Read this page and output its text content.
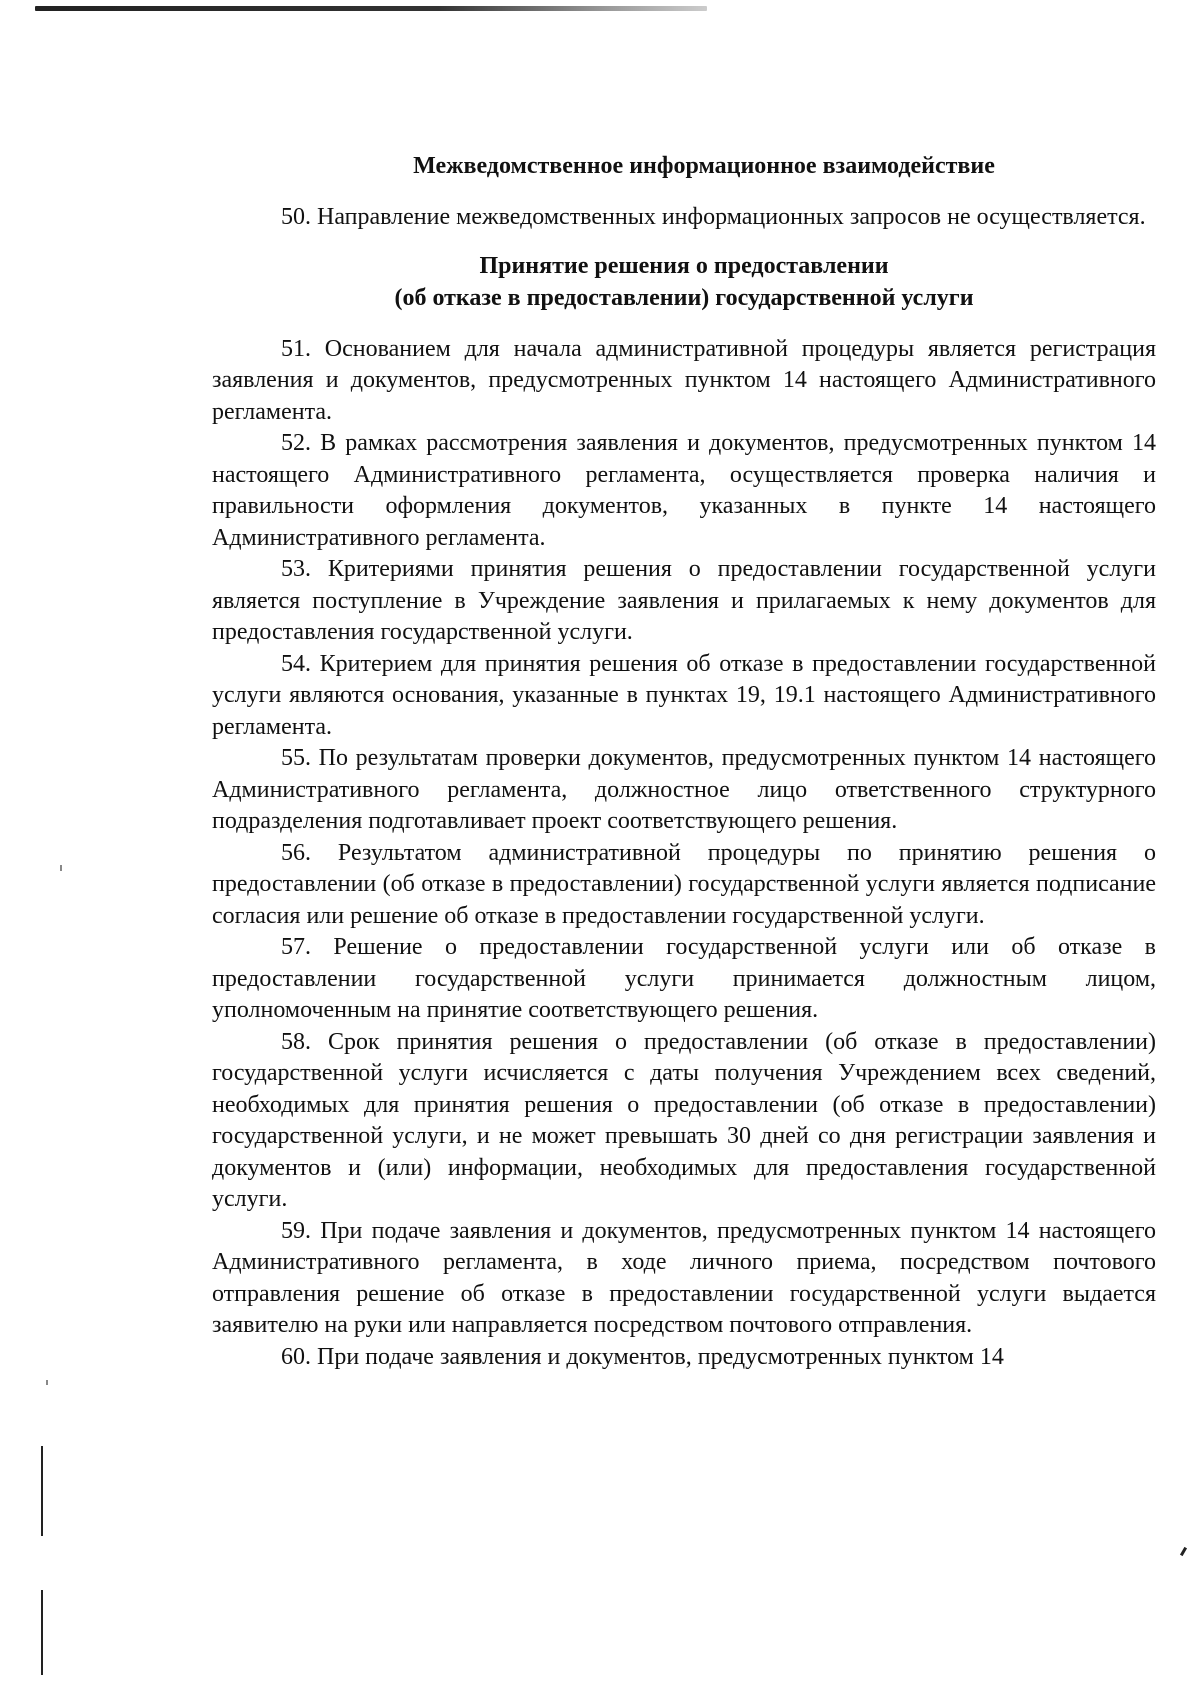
Межведомственное информационное взаимодействие

50. Направление межведомственных информационных запросов не осуществляется.

Принятие решения о предоставлении
(об отказе в предоставлении) государственной услуги

51. Основанием для начала административной процедуры является регистрация заявления и документов, предусмотренных пунктом 14 настоящего Административного регламента.

52. В рамках рассмотрения заявления и документов, предусмотренных пунктом 14 настоящего Административного регламента, осуществляется проверка наличия и правильности оформления документов, указанных в пункте 14 настоящего Административного регламента.

53. Критериями принятия решения о предоставлении государственной услуги является поступление в Учреждение заявления и прилагаемых к нему документов для предоставления государственной услуги.

54. Критерием для принятия решения об отказе в предоставлении государственной услуги являются основания, указанные в пунктах 19, 19.1 настоящего Административного регламента.

55. По результатам проверки документов, предусмотренных пунктом 14 настоящего Административного регламента, должностное лицо ответственного структурного подразделения подготавливает проект соответствующего решения.

56. Результатом административной процедуры по принятию решения о предоставлении (об отказе в предоставлении) государственной услуги является подписание согласия или решение об отказе в предоставлении государственной услуги.

57. Решение о предоставлении государственной услуги или об отказе в предоставлении государственной услуги принимается должностным лицом, уполномоченным на принятие соответствующего решения.

58. Срок принятия решения о предоставлении (об отказе в предоставлении) государственной услуги исчисляется с даты получения Учреждением всех сведений, необходимых для принятия решения о предоставлении (об отказе в предоставлении) государственной услуги, и не может превышать 30 дней со дня регистрации заявления и документов и (или) информации, необходимых для предоставления государственной услуги.

59. При подаче заявления и документов, предусмотренных пунктом 14 настоящего Административного регламента, в ходе личного приема, посредством почтового отправления решение об отказе в предоставлении государственной услуги выдается заявителю на руки или направляется посредством почтового отправления.

60. При подаче заявления и документов, предусмотренных пунктом 14
